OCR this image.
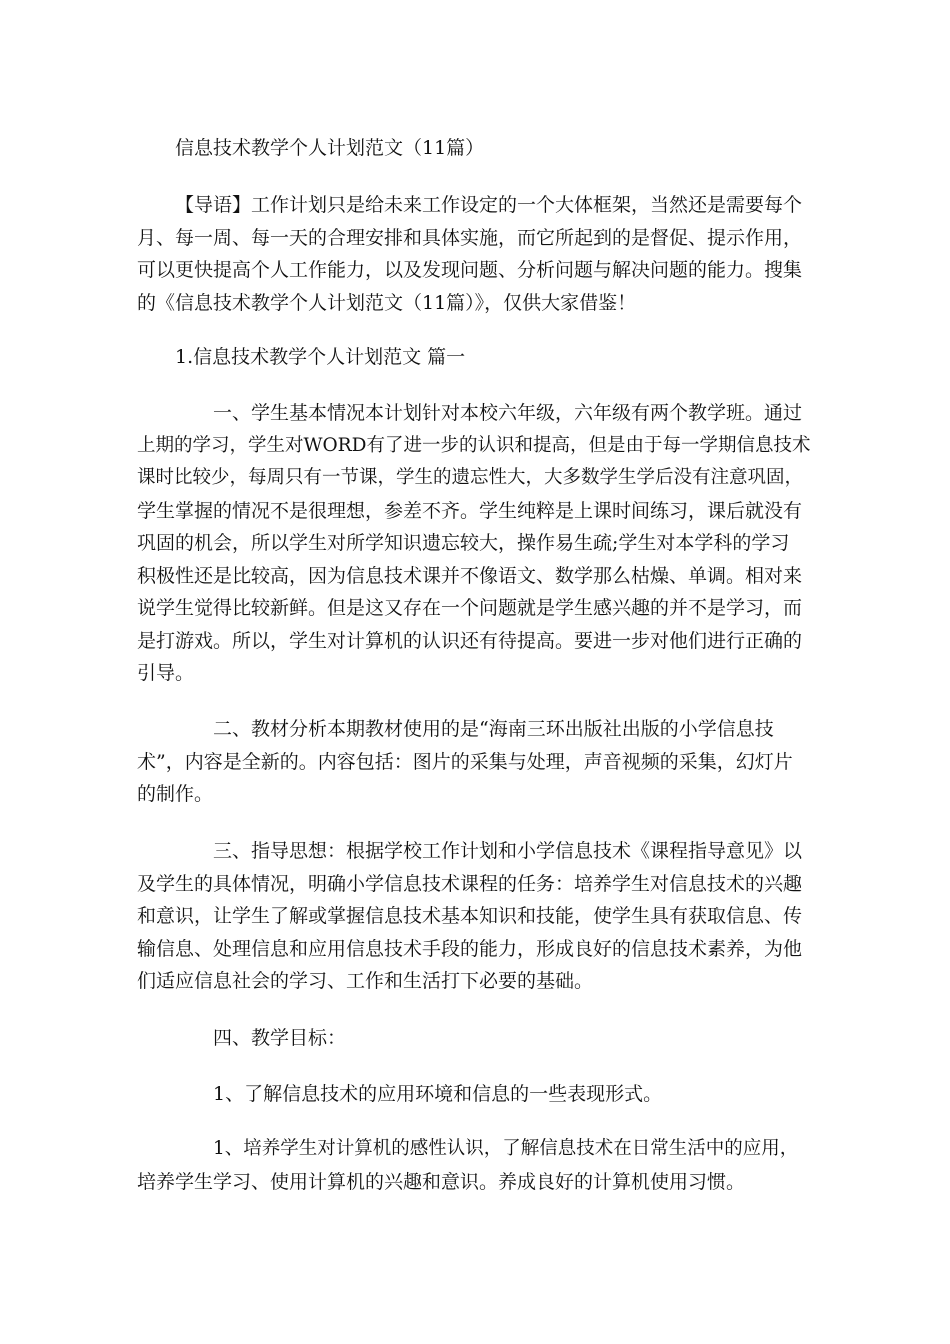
信息技术教学个人计划范文（11篇）
【导语】工作计划只是给未来工作设定的一个大体框架，当然还是需要每个
月、每一周、每一天的合理安排和具体实施，而它所起到的是督促、提示作用，
可以更快提高个人工作能力，以及发现问题、分析问题与解决问题的能力。搜集
的《信息技术教学个人计划范文（11篇）》，仅供大家借鉴！
1.信息技术教学个人计划范文 篇一
一、学生基本情况本计划针对本校六年级，六年级有两个教学班。通过
上期的学习，学生对WORD有了进一步的认识和提高，但是由于每一学期信息技术
课时比较少，每周只有一节课，学生的遗忘性大，大多数学生学后没有注意巩固，
学生掌握的情况不是很理想，参差不齐。学生纯粹是上课时间练习，课后就没有
巩固的机会，所以学生对所学知识遗忘较大，操作易生疏;学生对本学科的学习
积极性还是比较高，因为信息技术课并不像语文、数学那么枯燥、单调。相对来
说学生觉得比较新鲜。但是这又存在一个问题就是学生感兴趣的并不是学习，而
是打游戏。所以，学生对计算机的认识还有待提高。要进一步对他们进行正确的
引导。
二、教材分析本期教材使用的是“海南三环出版社出版的小学信息技
术”，内容是全新的。内容包括：图片的采集与处理，声音视频的采集，幻灯片
的制作。
三、指导思想：根据学校工作计划和小学信息技术《课程指导意见》以
及学生的具体情况，明确小学信息技术课程的任务：培养学生对信息技术的兴趣
和意识，让学生了解或掌握信息技术基本知识和技能，使学生具有获取信息、传
输信息、处理信息和应用信息技术手段的能力，形成良好的信息技术素养，为他
们适应信息社会的学习、工作和生活打下必要的基础。
四、教学目标：
1、了解信息技术的应用环境和信息的一些表现形式。
1、培养学生对计算机的感性认识，了解信息技术在日常生活中的应用，
培养学生学习、使用计算机的兴趣和意识。养成良好的计算机使用习惯。
